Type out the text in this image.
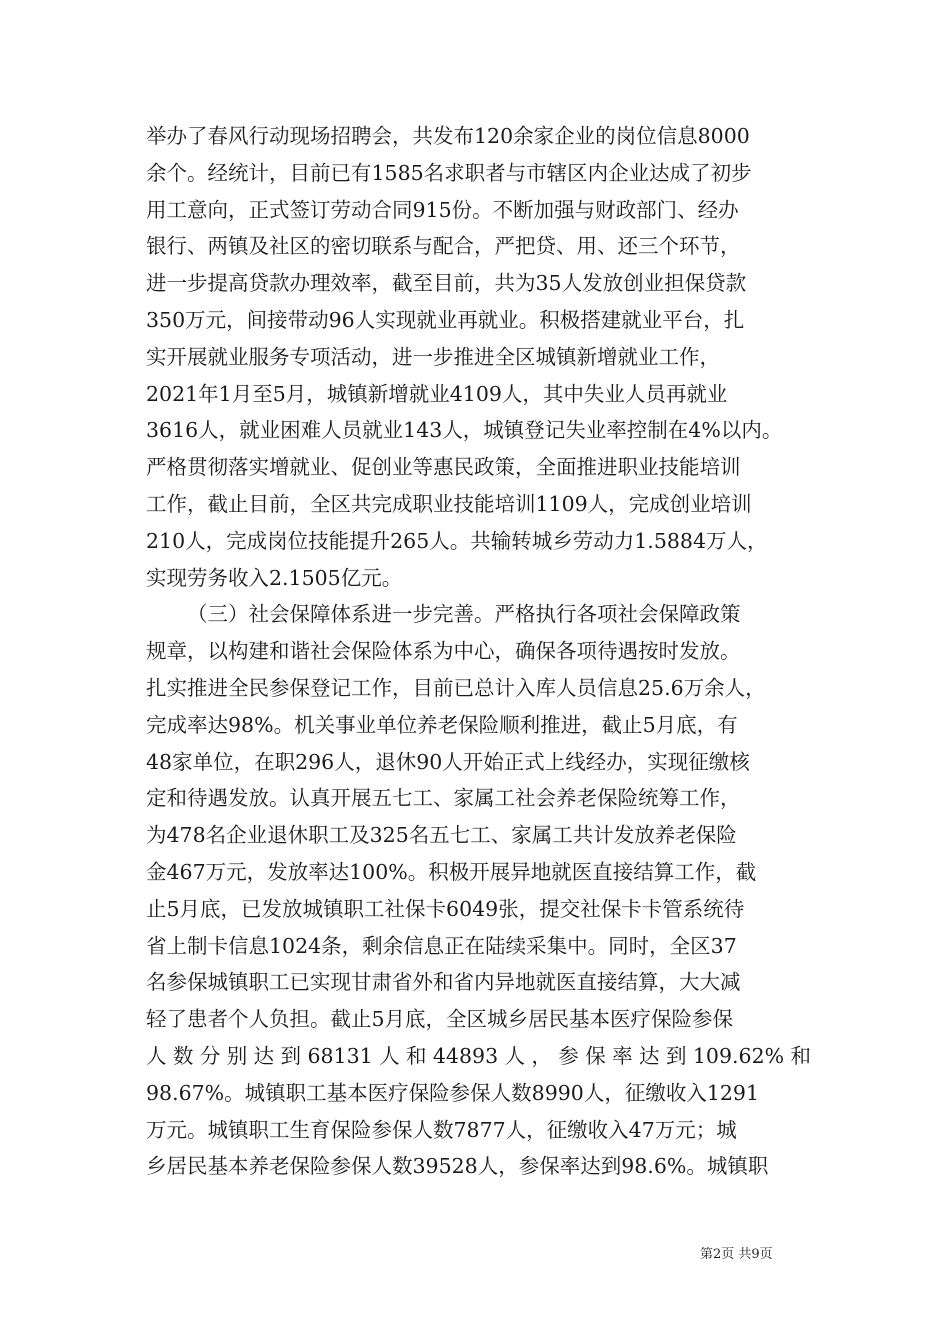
举办了春风行动现场招聘会，共发布120余家企业的岗位信息8000
余个。经统计，目前已有1585名求职者与市辖区内企业达成了初步
用工意向，正式签订劳动合同915份。不断加强与财政部门、经办
银行、两镇及社区的密切联系与配合，严把贷、用、还三个环节，
进一步提高贷款办理效率，截至目前，共为35人发放创业担保贷款
350万元，间接带动96人实现就业再就业。积极搭建就业平台，扎
实开展就业服务专项活动，进一步推进全区城镇新增就业工作，
2021年1月至5月，城镇新增就业4109人，其中失业人员再就业
3616人，就业困难人员就业143人，城镇登记失业率控制在4%以内。
严格贯彻落实增就业、促创业等惠民政策，全面推进职业技能培训
工作，截止目前，全区共完成职业技能培训1109人，完成创业培训
210人，完成岗位技能提升265人。共输转城乡劳动力1.5884万人，
实现劳务收入2.1505亿元。
（三）社会保障体系进一步完善。严格执行各项社会保障政策
规章，以构建和谐社会保险体系为中心，确保各项待遇按时发放。
扎实推进全民参保登记工作，目前已总计入库人员信息25.6万余人，
完成率达98%。机关事业单位养老保险顺利推进，截止5月底，有
48家单位，在职296人，退休90人开始正式上线经办，实现征缴核
定和待遇发放。认真开展五七工、家属工社会养老保险统筹工作，
为478名企业退休职工及325名五七工、家属工共计发放养老保险
金467万元，发放率达100%。积极开展异地就医直接结算工作，截
止5月底，已发放城镇职工社保卡6049张，提交社保卡卡管系统待
省上制卡信息1024条，剩余信息正在陆续采集中。同时，全区37
名参保城镇职工已实现甘肃省外和省内异地就医直接结算，大大减
轻了患者个人负担。截止5月底，全区城乡居民基本医疗保险参保
人数分别达到68131人和44893人，参保率达到109.62%和
98.67%。城镇职工基本医疗保险参保人数8990人，征缴收入1291
万元。城镇职工生育保险参保人数7877人，征缴收入47万元；城
乡居民基本养老保险参保人数39528人，参保率达到98.6%。城镇职
第2页 共9页
